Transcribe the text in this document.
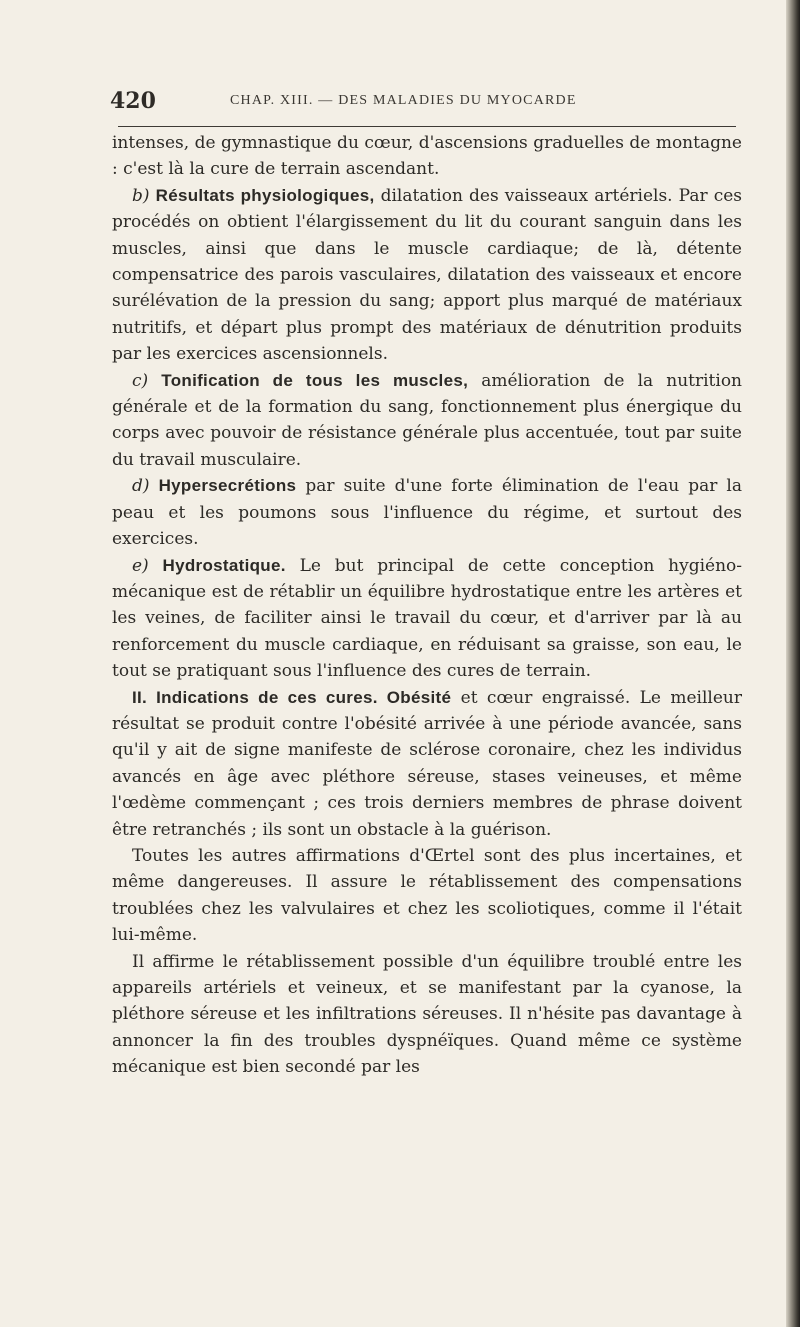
420	CHAP. XIII. — DES MALADIES DU MYOCARDE

intenses, de gymnastique du cœur, d'ascensions graduelles de montagne : c'est là la cure de terrain ascendant.

b) Résultats physiologiques, dilatation des vaisseaux artériels. Par ces procédés on obtient l'élargissement du lit du courant sanguin dans les muscles, ainsi que dans le muscle cardiaque; de là, détente compensatrice des parois vasculaires, dilatation des vaisseaux et encore surélévation de la pression du sang; apport plus marqué de matériaux nutritifs, et départ plus prompt des matériaux de dénutrition produits par les exercices ascensionnels.

c) Tonification de tous les muscles, amélioration de la nutrition générale et de la formation du sang, fonctionnement plus énergique du corps avec pouvoir de résistance générale plus accentuée, tout par suite du travail musculaire.

d) Hypersecrétions par suite d'une forte élimination de l'eau par la peau et les poumons sous l'influence du régime, et surtout des exercices.

e) Hydrostatique. Le but principal de cette conception hygiéno-mécanique est de rétablir un équilibre hydrostatique entre les artères et les veines, de faciliter ainsi le travail du cœur, et d'arriver par là au renforcement du muscle cardiaque, en réduisant sa graisse, son eau, le tout se pratiquant sous l'influence des cures de terrain.

II. Indications de ces cures. Obésité et cœur engraissé. Le meilleur résultat se produit contre l'obésité arrivée à une période avancée, sans qu'il y ait de signe manifeste de sclérose coronaire, chez les individus avancés en âge avec pléthore séreuse, stases veineuses, et même l'œdème commençant ; ces trois derniers membres de phrase doivent être retranchés ; ils sont un obstacle à la guérison.

Toutes les autres affirmations d'Œrtel sont des plus incertaines, et même dangereuses. Il assure le rétablissement des compensations troublées chez les valvulaires et chez les scoliotiques, comme il l'était lui-même.

Il affirme le rétablissement possible d'un équilibre troublé entre les appareils artériels et veineux, et se manifestant par la cyanose, la pléthore séreuse et les infiltrations séreuses. Il n'hésite pas davantage à annoncer la fin des troubles dyspnéïques. Quand même ce système mécanique est bien secondé par les
